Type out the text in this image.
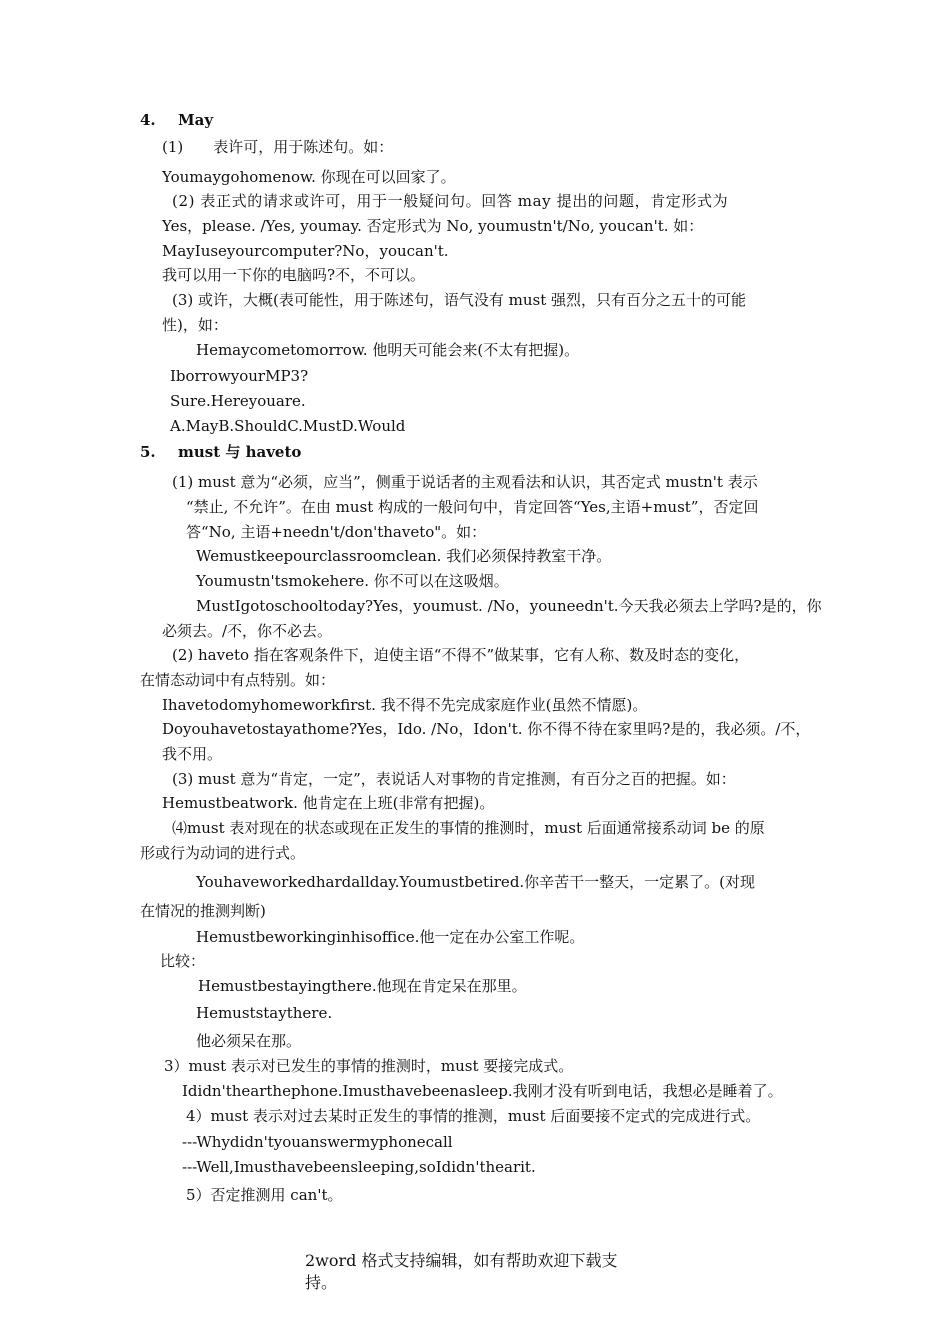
4. May
(1)　　表许可，用于陈述句。如：
Youmaygohomenow. 你现在可以回家了。
(2) 表正式的请求或许可，用于一般疑问句。回答 may 提出的问题，肯定形式为
Yes，please. /Yes, youmay. 否定形式为 No, youmustn't/No, youcan't. 如：
MayIuseyourcomputer?No，youcan't.
我可以用一下你的电脑吗?不，不可以。
(3) 或许，大概(表可能性，用于陈述句，语气没有 must 强烈，只有百分之五十的可能
性)，如：
Hemaycometomorrow. 他明天可能会来(不太有把握)。
IborrowyourMP3?
Sure.Hereyouare.
A.MayB.ShouldC.MustD.Would
5. must 与 haveto
(1) must 意为“必须，应当”，侧重于说话者的主观看法和认识，其否定式 mustn't 表示
“禁止, 不允许”。在由 must 构成的一般问句中，肯定回答“Yes,主语+must”，否定回
答“No, 主语+needn't/don'thaveto"。如：
Wemustkeepourclassroomclean. 我们必须保持教室干净。
Youmustn'tsmokehere. 你不可以在这吸烟。
MustIgotoschooltoday?Yes，youmust. /No，youneedn't.今天我必须去上学吗?是的，你
必须去。/不，你不必去。
(2) haveto 指在客观条件下，迫使主语“不得不”做某事，它有人称、数及时态的变化，
在情态动词中有点特别。如：
Ihavetodomyhomeworkfirst. 我不得不先完成家庭作业(虽然不情愿)。
Doyouhavetostayathome?Yes，Ido. /No，Idon't. 你不得不待在家里吗?是的，我必须。/不，
我不用。
(3) must 意为“肯定，一定”，表说话人对事物的肯定推测，有百分之百的把握。如：
Hemustbeatwork. 他肯定在上班(非常有把握)。
⑷must 表对现在的状态或现在正发生的事情的推测时，must 后面通常接系动词 be 的原
形或行为动词的进行式。
Youhaveworkedhardallday.Youmustbetired.你辛苦干一整天，一定累了。(对现
在情况的推测判断)
Hemustbeworkinginhisoffice.他一定在办公室工作呢。
比较：
Hemustbestayingthere.他现在肯定呆在那里。
Hemuststaythere.
他必须呆在那。
3）must 表示对已发生的事情的推测时，must 要接完成式。
Ididn'thearthephone.Imusthavebeenasleep.我刚才没有听到电话，我想必是睡着了。
4）must 表示对过去某时正发生的事情的推测，must 后面要接不定式的完成进行式。
---Whydidn'tyouanswermyphonecall
---Well,Imusthavebeensleeping,soIdidn'thearit.
5）否定推测用 can't。
2word 格式支持编辑，如有帮助欢迎下载支
持。
